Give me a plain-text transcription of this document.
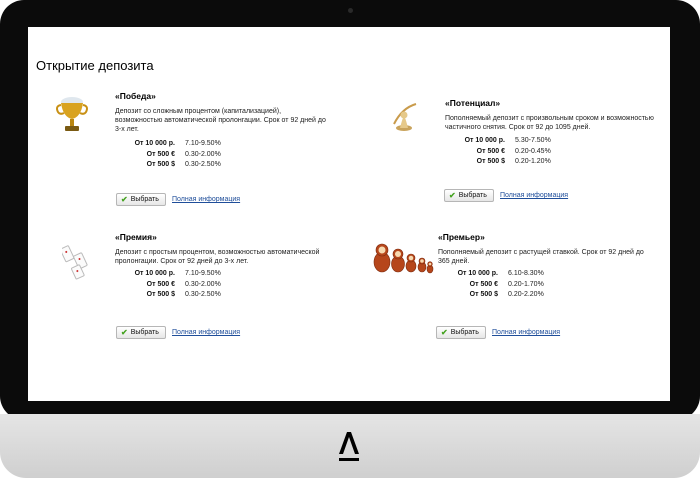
Открытие депозита
«Победа»

Депозит со сложным процентом (капитализацией), возможностью автоматической пролонгации. Срок от 92 дней до 3-х лет.

От 10 000 р.	7.10-9.50%
От 500 €	0.30-2.00%
От 500 $	0.30-2.50%
✔ Выбрать Полная информация
«Потенциал»

Пополняемый депозит с произвольным сроком и возможностью частичного снятия. Срок от 92 до 1095 дней.

От 10 000 р.	5.30-7.50%
От 500 €	0.20-0.45%
От 500 $	0.20-1.20%
✔ Выбрать Полная информация
«Премия»

Депозит с простым процентом, возможностью автоматической пролонгации. Срок от 92 дней до 3-х лет.

От 10 000 р.	7.10-9.50%
От 500 €	0.30-2.00%
От 500 $	0.30-2.50%
✔ Выбрать Полная информация
«Премьер»

Пополняемый депозит с растущей ставкой. Срок от 92 дней до 365 дней.

От 10 000 р.	6.10-8.30%
От 500 €	0.20-1.70%
От 500 $	0.20-2.20%
✔ Выбрать Полная информация
